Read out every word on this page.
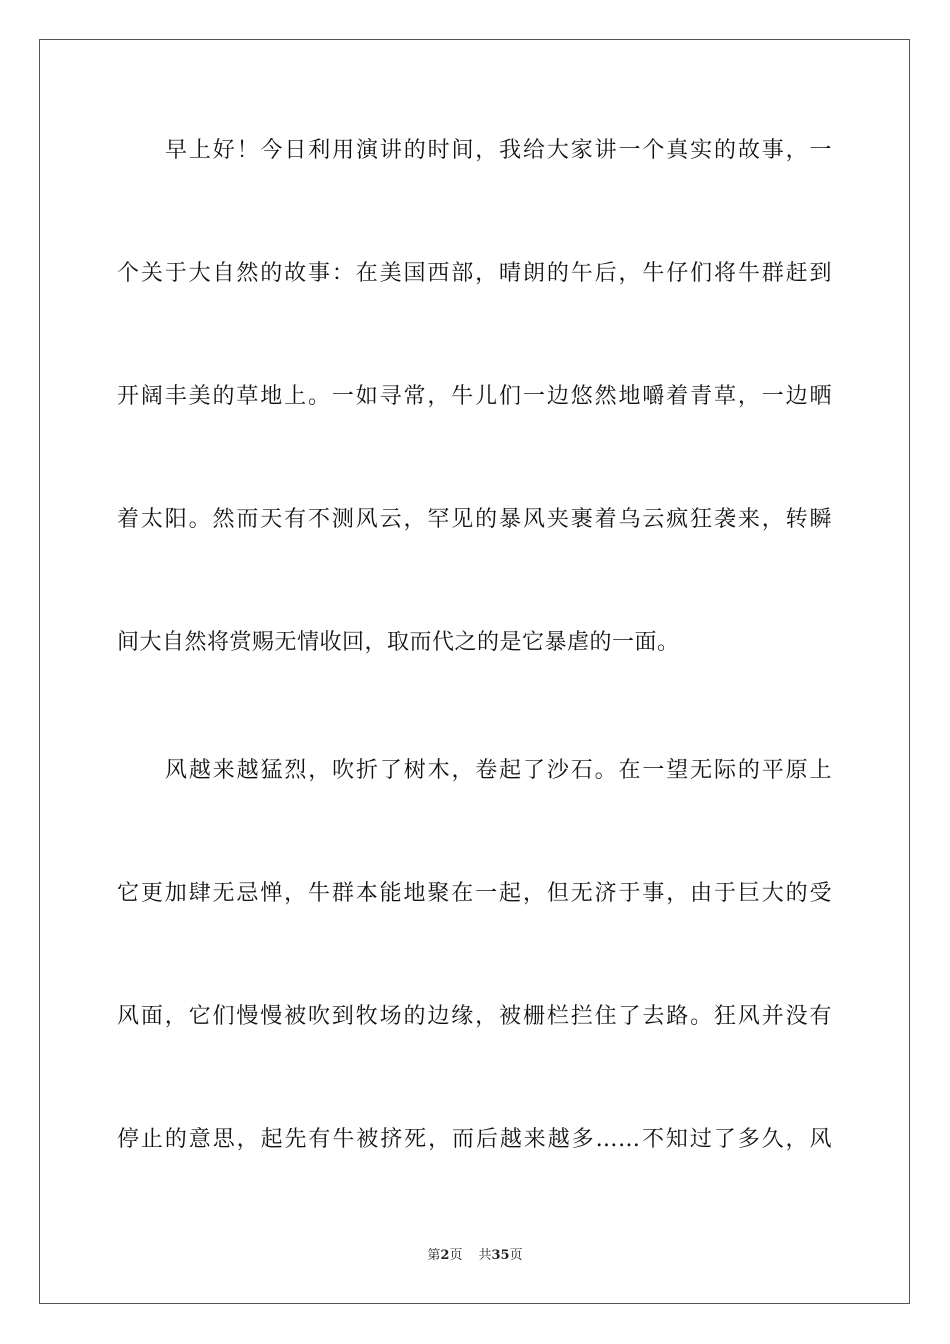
早上好！今日利用演讲的时间，我给大家讲一个真实的故事，一
个关于大自然的故事：在美国西部，晴朗的午后，牛仔们将牛群赶到
开阔丰美的草地上。一如寻常，牛儿们一边悠然地嚼着青草，一边晒
着太阳。然而天有不测风云，罕见的暴风夹裹着乌云疯狂袭来，转瞬
间大自然将赏赐无情收回，取而代之的是它暴虐的一面。
风越来越猛烈，吹折了树木，卷起了沙石。在一望无际的平原上
它更加肆无忌惮，牛群本能地聚在一起，但无济于事，由于巨大的受
风面，它们慢慢被吹到牧场的边缘，被栅栏拦住了去路。狂风并没有
停止的意思，起先有牛被挤死，而后越来越多……不知过了多久，风
第2页 共35页
